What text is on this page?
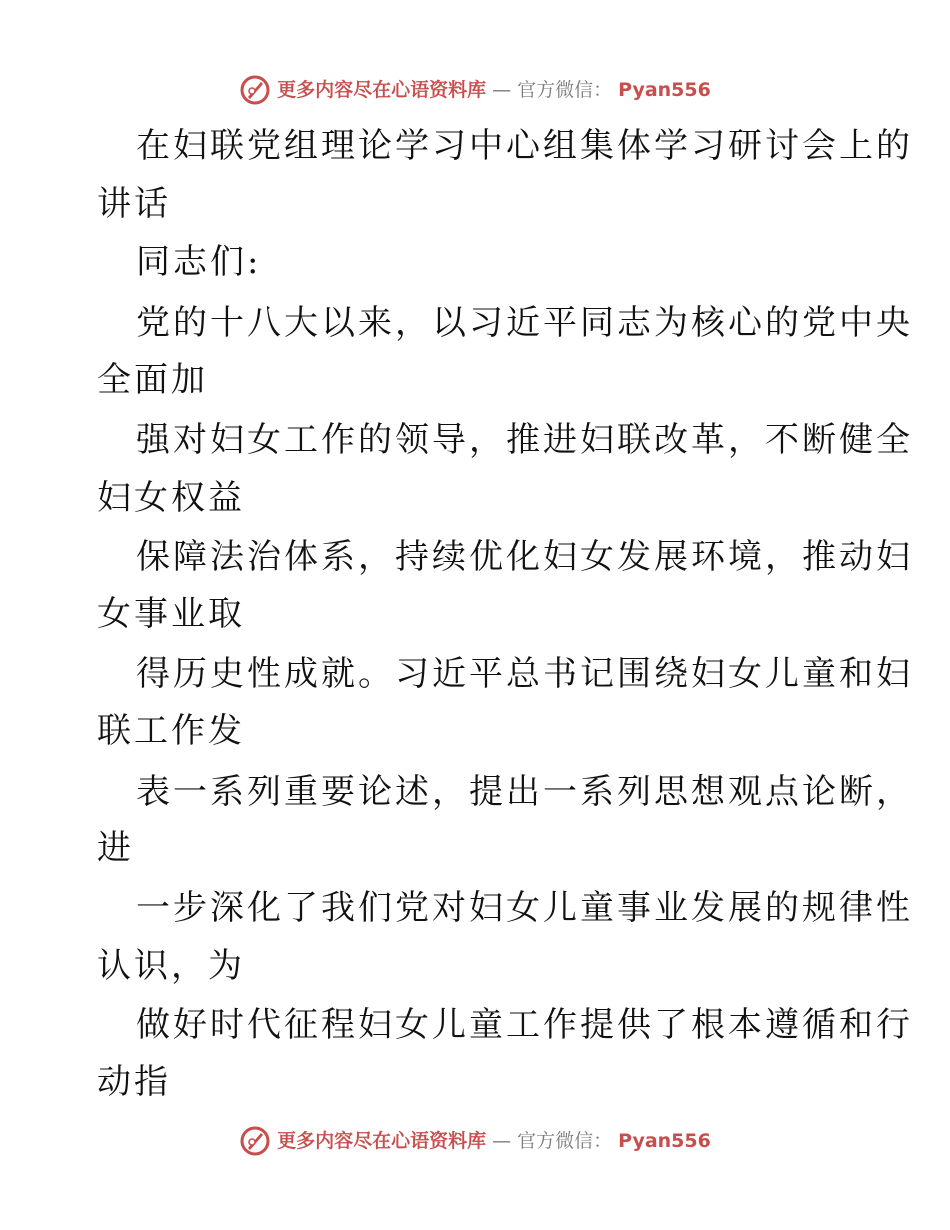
更多内容尽在心语资料库 — 官方微信： Pyan556
在妇联党组理论学习中心组集体学习研讨会上的
讲话
同志们:
党的十八大以来，以习近平同志为核心的党中央
全面加
强对妇女工作的领导，推进妇联改革，不断健全
妇女权益
保障法治体系，持续优化妇女发展环境，推动妇
女事业取
得历史性成就。习近平总书记围绕妇女儿童和妇
联工作发
表一系列重要论述，提出一系列思想观点论断，
进
一步深化了我们党对妇女儿童事业发展的规律性
认识，为
做好时代征程妇女儿童工作提供了根本遵循和行
动指
更多内容尽在心语资料库 — 官方微信： Pyan556
